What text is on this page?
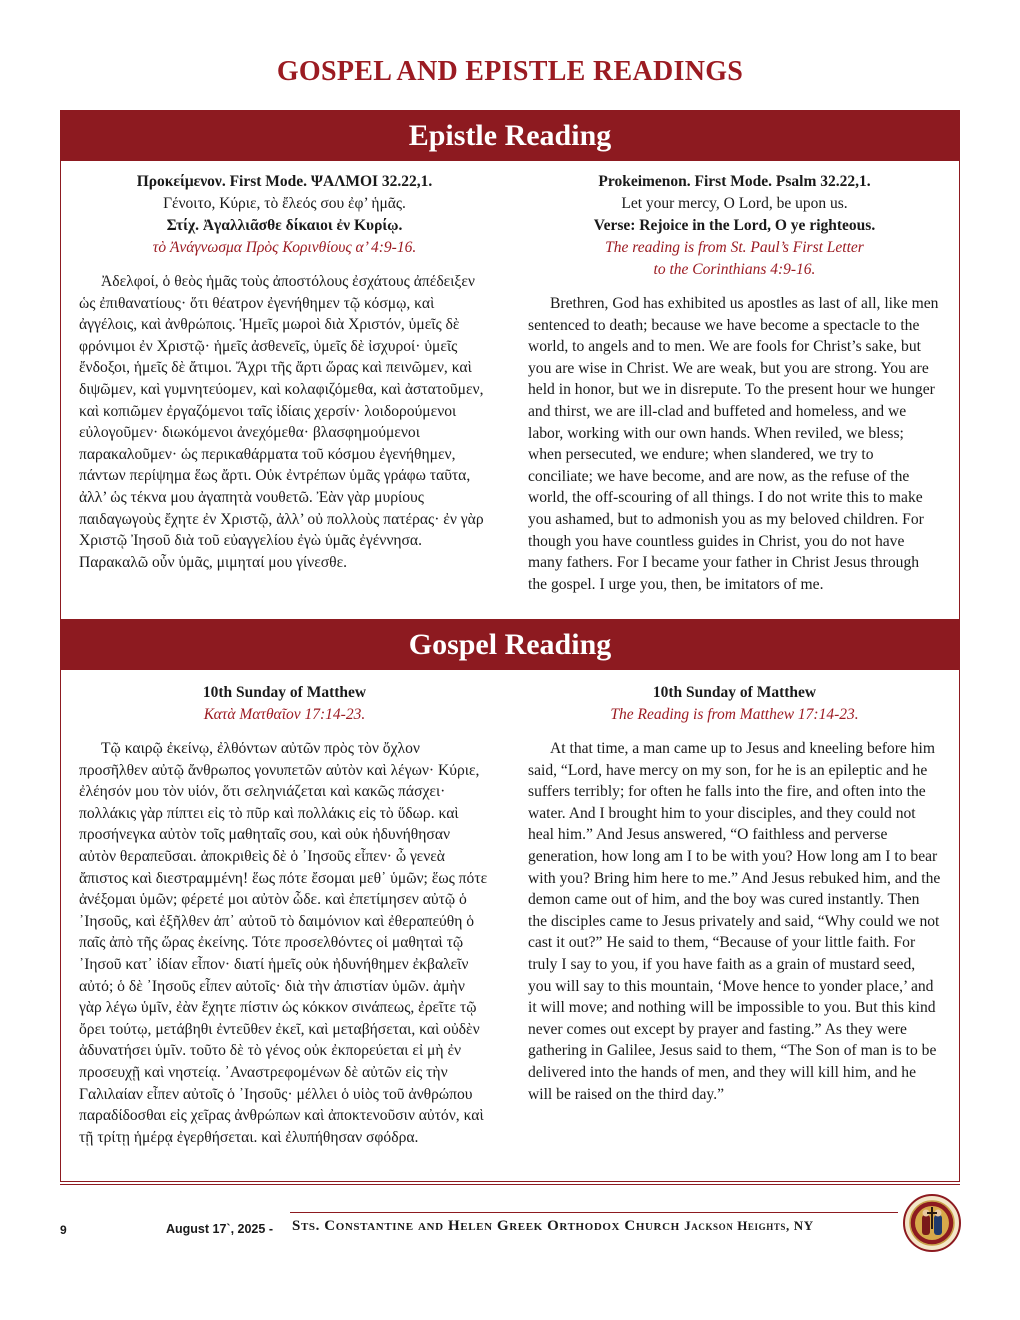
GOSPEL AND EPISTLE READINGS
Epistle Reading
Προκείμενον. First Mode. ΨΑΛΜΟΙ 32.22,1.
Γένοιτο, Κύριε, τὸ ἔλεός σου ἐφ’ ἡμᾶς.
Στίχ. Ἀγαλλιᾶσθε δίκαιοι ἐν Κυρίῳ.
τὸ Ἀνάγνωσμα Πρὸς Κορινθίους α’ 4:9-16.

Ἀδελφοί, ὁ θεὸς ἡμᾶς τοὺς ἀποστόλους ἐσχάτους ἀπέδειξεν ὡς ἐπιθανατίους· ὅτι θέατρον ἐγενήθημεν τῷ κόσμῳ, καὶ ἀγγέλοις, καὶ ἀνθρώποις. Ἡμεῖς μωροὶ διὰ Χριστόν, ὑμεῖς δὲ φρόνιμοι ἐν Χριστῷ· ἡμεῖς ἀσθενεῖς, ὑμεῖς δὲ ἰσχυροί· ὑμεῖς ἔνδοξοι, ἡμεῖς δὲ ἄτιμοι. Ἄχρι τῆς ἄρτι ὥρας καὶ πεινῶμεν, καὶ διψῶμεν, καὶ γυμνητεύομεν, καὶ κολαφιζόμεθα, καὶ ἀστατοῦμεν, καὶ κοπιῶμεν ἐργαζόμενοι ταῖς ἰδίαις χερσίν· λοιδορούμενοι εὐλογοῦμεν· διωκόμενοι ἀνεχόμεθα· βλασφημούμενοι παρακαλοῦμεν· ὡς περικαθάρματα τοῦ κόσμου ἐγενήθημεν, πάντων περίψημα ἕως ἄρτι. Οὐκ ἐντρέπων ὑμᾶς γράφω ταῦτα, ἀλλ’ ὡς τέκνα μου ἀγαπητὰ νουθετῶ. Ἐὰν γὰρ μυρίους παιδαγωγοὺς ἔχητε ἐν Χριστῷ, ἀλλ’ οὐ πολλοὺς πατέρας· ἐν γὰρ Χριστῷ Ἰησοῦ διὰ τοῦ εὐαγγελίου ἐγὼ ὑμᾶς ἐγέννησα. Παρακαλῶ οὖν ὑμᾶς, μιμηταί μου γίνεσθε.

Prokeimenon. First Mode. Psalm 32.22,1.
Let your mercy, O Lord, be upon us.
Verse: Rejoice in the Lord, O ye righteous.
The reading is from St. Paul’s First Letter
to the Corinthians 4:9-16.

Brethren, God has exhibited us apostles as last of all, like men sentenced to death; because we have become a spectacle to the world, to angels and to men. We are fools for Christ’s sake, but you are wise in Christ. We are weak, but you are strong. You are held in honor, but we in disrepute. To the present hour we hunger and thirst, we are ill-clad and buffeted and homeless, and we labor, working with our own hands. When reviled, we bless; when persecuted, we endure; when slandered, we try to conciliate; we have become, and are now, as the refuse of the world, the off-scouring of all things. I do not write this to make you ashamed, but to admonish you as my beloved children. For though you have countless guides in Christ, you do not have many fathers. For I became your father in Christ Jesus through the gospel. I urge you, then, be imitators of me.

Gospel Reading
10th Sunday of Matthew
Κατὰ Ματθαῖον 17:14-23.

Τῷ καιρῷ ἐκείνῳ, ἐλθόντων αὐτῶν πρὸς τὸν ὄχλον προσῆλθεν αὐτῷ ἄνθρωπος γονυπετῶν αὐτὸν καὶ λέγων· Κύριε, ἐλέησόν μου τὸν υἱόν, ὅτι σεληνιάζεται καὶ κακῶς πάσχει· πολλάκις γὰρ πίπτει εἰς τὸ πῦρ καὶ πολλάκις εἰς τὸ ὕδωρ. καὶ προσήνεγκα αὐτὸν τοῖς μαθηταῖς σου, καὶ οὐκ ἠδυνήθησαν αὐτὸν θεραπεῦσαι. ἀποκριθεὶς δὲ ὁ ᾿Ιησοῦς εἶπεν· ὦ γενεὰ ἄπιστος καὶ διεστραμμένη! ἕως πότε ἔσομαι μεθ᾿ ὑμῶν; ἕως πότε ἀνέξομαι ὑμῶν; φέρετέ μοι αὐτὸν ὧδε. καὶ ἐπετίμησεν αὐτῷ ὁ ᾿Ιησοῦς, καὶ ἐξῆλθεν ἀπ᾿ αὐτοῦ τὸ δαιμόνιον καὶ ἐθεραπεύθη ὁ παῖς ἀπὸ τῆς ὥρας ἐκείνης. Τότε προσελθόντες οἱ μαθηταὶ τῷ ᾿Ιησοῦ κατ᾿ ἰδίαν εἶπον· διατί ἡμεῖς οὐκ ἠδυνήθημεν ἐκβαλεῖν αὐτό; ὁ δὲ ᾿Ιησοῦς εἶπεν αὐτοῖς· διὰ τὴν ἀπιστίαν ὑμῶν. ἀμὴν γὰρ λέγω ὑμῖν, ἐὰν ἔχητε πίστιν ὡς κόκκον σινάπεως, ἐρεῖτε τῷ ὄρει τούτῳ, μετάβηθι ἐντεῦθεν ἐκεῖ, καὶ μεταβήσεται, καὶ οὐδὲν ἀδυνατήσει ὑμῖν. τοῦτο δὲ τὸ γένος οὐκ ἐκπορεύεται εἰ μὴ ἐν προσευχῇ καὶ νηστείᾳ. ᾿Αναστρεφομένων δὲ αὐτῶν εἰς τὴν Γαλιλαίαν εἶπεν αὐτοῖς ὁ ᾿Ιησοῦς· μέλλει ὁ υἱὸς τοῦ ἀνθρώπου παραδίδοσθαι εἰς χεῖρας ἀνθρώπων καὶ ἀποκτενοῦσιν αὐτόν, καὶ τῇ τρίτῃ ἡμέρᾳ ἐγερθήσεται. καὶ ἐλυπήθησαν σφόδρα.

10th Sunday of Matthew
The Reading is from Matthew 17:14-23.

At that time, a man came up to Jesus and kneeling before him said, “Lord, have mercy on my son, for he is an epileptic and he suffers terribly; for often he falls into the fire, and often into the water. And I brought him to your disciples, and they could not heal him.” And Jesus answered, “O faithless and perverse generation, how long am I to be with you? How long am I to bear with you? Bring him here to me.” And Jesus rebuked him, and the demon came out of him, and the boy was cured instantly. Then the disciples came to Jesus privately and said, “Why could we not cast it out?” He said to them, “Because of your little faith. For truly I say to you, if you have faith as a grain of mustard seed, you will say to this mountain, ‘Move hence to yonder place,’ and it will move; and nothing will be impossible to you. But this kind never comes out except by prayer and fasting.” As they were gathering in Galilee, Jesus said to them, “The Son of man is to be delivered into the hands of men, and they will kill him, and he will be raised on the third day.”

9	August 17`, 2025 - Sts. Constantine and Helen Greek Orthodox Church Jackson Heights, NY
